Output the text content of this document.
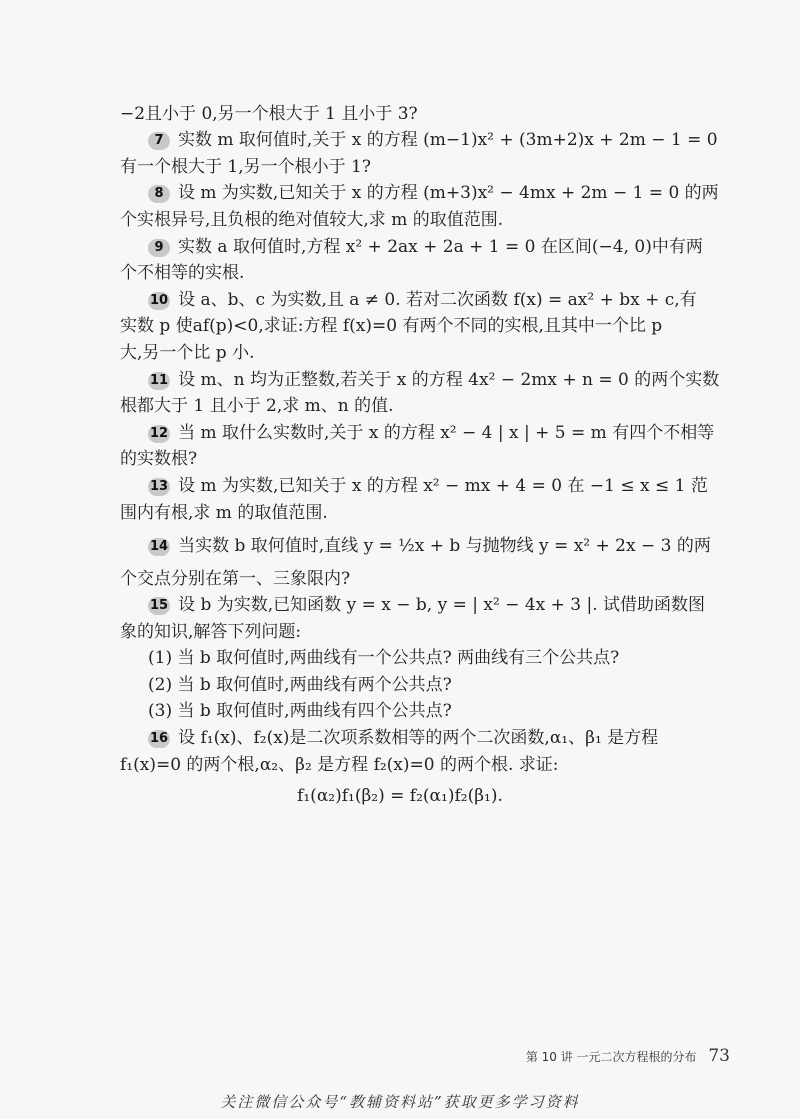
−2且小于 0,另一个根大于 1 且小于 3?
7 实数 m 取何值时,关于 x 的方程 (m−1)x² + (3m+2)x + 2m − 1 = 0
有一个根大于 1,另一个根小于 1?
8 设 m 为实数,已知关于 x 的方程 (m+3)x² − 4mx + 2m − 1 = 0 的两
个实根异号,且负根的绝对值较大,求 m 的取值范围.
9 实数 a 取何值时,方程 x² + 2ax + 2a + 1 = 0 在区间(−4, 0)中有两
个不相等的实根.
10 设 a、b、c 为实数,且 a ≠ 0. 若对二次函数 f(x) = ax² + bx + c,有
实数 p 使af(p)<0,求证:方程 f(x)=0 有两个不同的实根,且其中一个比 p
大,另一个比 p 小.
11 设 m、n 均为正整数,若关于 x 的方程 4x² − 2mx + n = 0 的两个实数
根都大于 1 且小于 2,求 m、n 的值.
12 当 m 取什么实数时,关于 x 的方程 x² − 4 | x | + 5 = m 有四个不相等
的实数根?
13 设 m 为实数,已知关于 x 的方程 x² − mx + 4 = 0 在 −1 ≤ x ≤ 1 范
围内有根,求 m 的取值范围.
14 当实数 b 取何值时,直线 y = ½x + b 与抛物线 y = x² + 2x − 3 的两
个交点分别在第一、三象限内?
15 设 b 为实数,已知函数 y = x − b, y = | x² − 4x + 3 |. 试借助函数图
象的知识,解答下列问题:
(1) 当 b 取何值时,两曲线有一个公共点? 两曲线有三个公共点?
(2) 当 b 取何值时,两曲线有两个公共点?
(3) 当 b 取何值时,两曲线有四个公共点?
16 设 f₁(x)、f₂(x)是二次项系数相等的两个二次函数,α₁、β₁ 是方程
f₁(x)=0 的两个根,α₂、β₂ 是方程 f₂(x)=0 的两个根. 求证:
f₁(α₂)f₁(β₂) = f₂(α₁)f₂(β₁).
第 10 讲 一元二次方程根的分布 73
关注微信公众号“教辅资料站”获取更多学习资料
